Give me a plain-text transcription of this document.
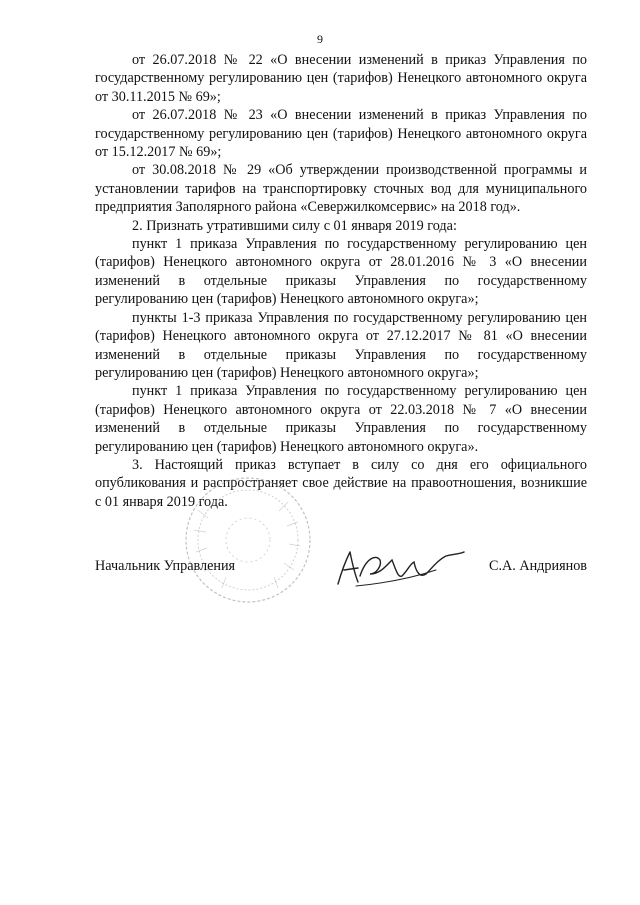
9

от 26.07.2018 № 22 «О внесении изменений в приказ Управления по государственному регулированию цен (тарифов) Ненецкого автономного округа от 30.11.2015 № 69»;

от 26.07.2018 № 23 «О внесении изменений в приказ Управления по государственному регулированию цен (тарифов) Ненецкого автономного округа от 15.12.2017 № 69»;

от 30.08.2018 № 29 «Об утверждении производственной программы и установлении тарифов на транспортировку сточных вод для муниципального предприятия Заполярного района «Севержилкомсервис» на 2018 год».

2. Признать утратившими силу с 01 января 2019 года:

пункт 1 приказа Управления по государственному регулированию цен (тарифов) Ненецкого автономного округа от 28.01.2016 № 3 «О внесении изменений в отдельные приказы Управления по государственному регулированию цен (тарифов) Ненецкого автономного округа»;

пункты 1-3 приказа Управления по государственному регулированию цен (тарифов) Ненецкого автономного округа от 27.12.2017 № 81 «О внесении изменений в отдельные приказы Управления по государственному регулированию цен (тарифов) Ненецкого автономного округа»;

пункт 1 приказа Управления по государственному регулированию цен (тарифов) Ненецкого автономного округа от 22.03.2018 № 7 «О внесении изменений в отдельные приказы Управления по государственному регулированию цен (тарифов) Ненецкого автономного округа».

3. Настоящий приказ вступает в силу со дня его официального опубликования и распространяет свое действие на правоотношения, возникшие с 01 января 2019 года.

Начальник Управления	С.А. Андриянов
